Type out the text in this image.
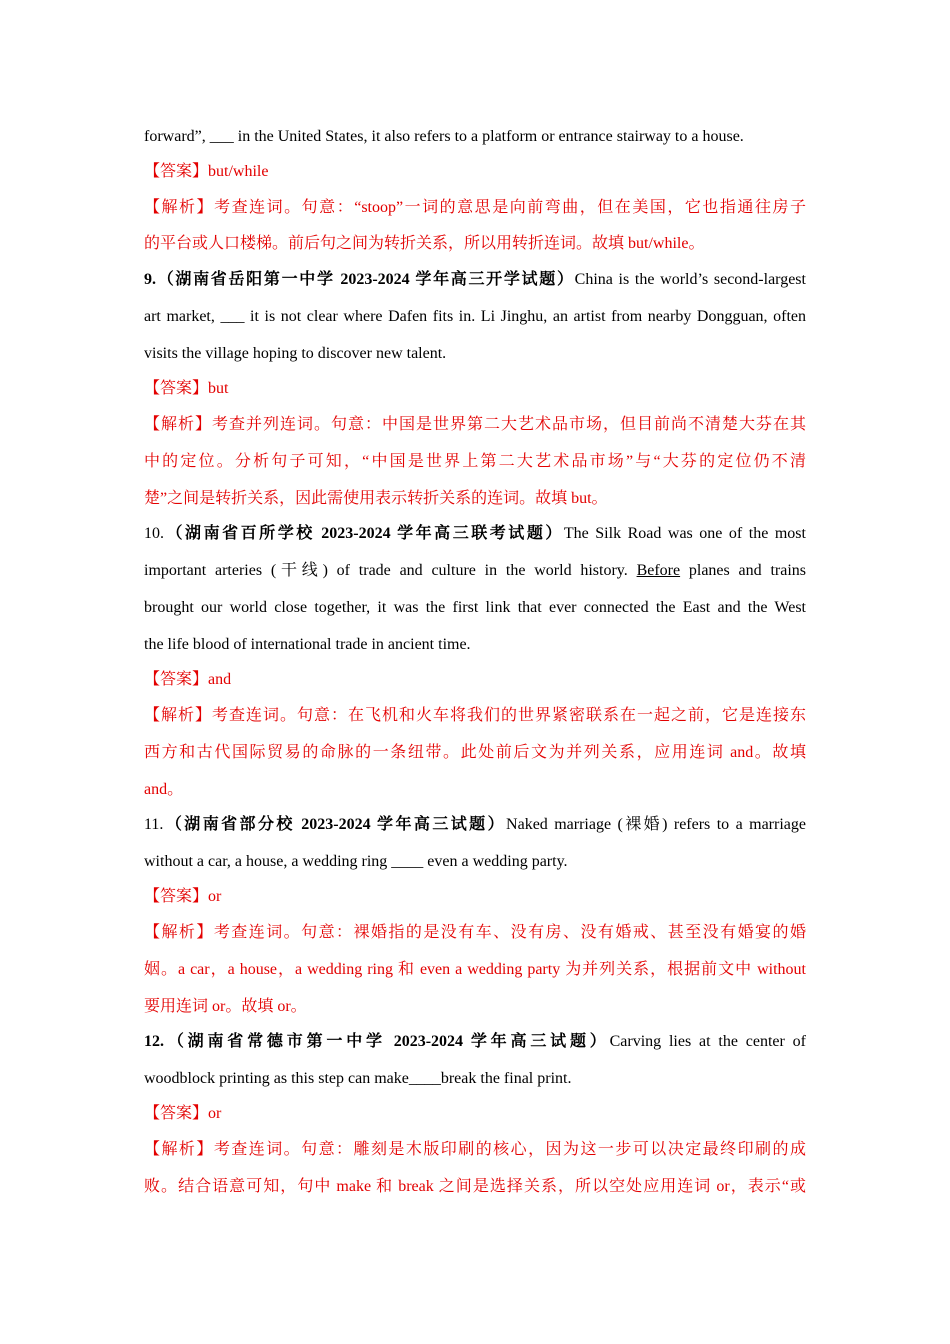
forward”, ___ in the United States, it also refers to a platform or entrance stairway to a house.
【答案】but/while
【解析】考查连词。句意：“stoop”一词的意思是向前弯曲，但在美国，它也指通往房子
的平台或人口楼梯。前后句之间为转折关系，所以用转折连词。故填 but/while。
9.（湖南省岳阳第一中学 2023-2024 学年高三开学试题）China is the world’s second-largest
art market, ___ it is not clear where Dafen fits in. Li Jinghu, an artist from nearby Dongguan, often
visits the village hoping to discover new talent.
【答案】but
【解析】考查并列连词。句意：中国是世界第二大艺术品市场，但目前尚不清楚大芬在其
中的定位。分析句子可知，“中国是世界上第二大艺术品市场”与“大芬的定位仍不清
楚”之间是转折关系，因此需使用表示转折关系的连词。故填 but。
10.（湖南省百所学校 2023-2024 学年高三联考试题）The Silk Road was one of the most
important arteries (干线) of trade and culture in the world history. Before planes and trains
brought our world close together, it was the first link that ever connected the East and the West
the life blood of international trade in ancient time.
【答案】and
【解析】考查连词。句意：在飞机和火车将我们的世界紧密联系在一起之前，它是连接东
西方和古代国际贸易的命脉的一条纽带。此处前后文为并列关系，应用连词 and。故填
and。
11.（湖南省部分校 2023-2024 学年高三试题）Naked marriage (裸婚) refers to a marriage
without a car, a house, a wedding ring ____ even a wedding party.
【答案】or
【解析】考查连词。句意：裸婚指的是没有车、没有房、没有婚戒、甚至没有婚宴的婚
姻。a car，a house，a wedding ring 和 even a wedding party 为并列关系，根据前文中 without
要用连词 or。故填 or。
12.（湖南省常德市第一中学 2023-2024 学年高三试题）Carving lies at the center of
woodblock printing as this step can make____break the final print.
【答案】or
【解析】考查连词。句意：雕刻是木版印刷的核心，因为这一步可以决定最终印刷的成
败。结合语意可知，句中 make 和 break 之间是选择关系，所以空处应用连词 or，表示“或
